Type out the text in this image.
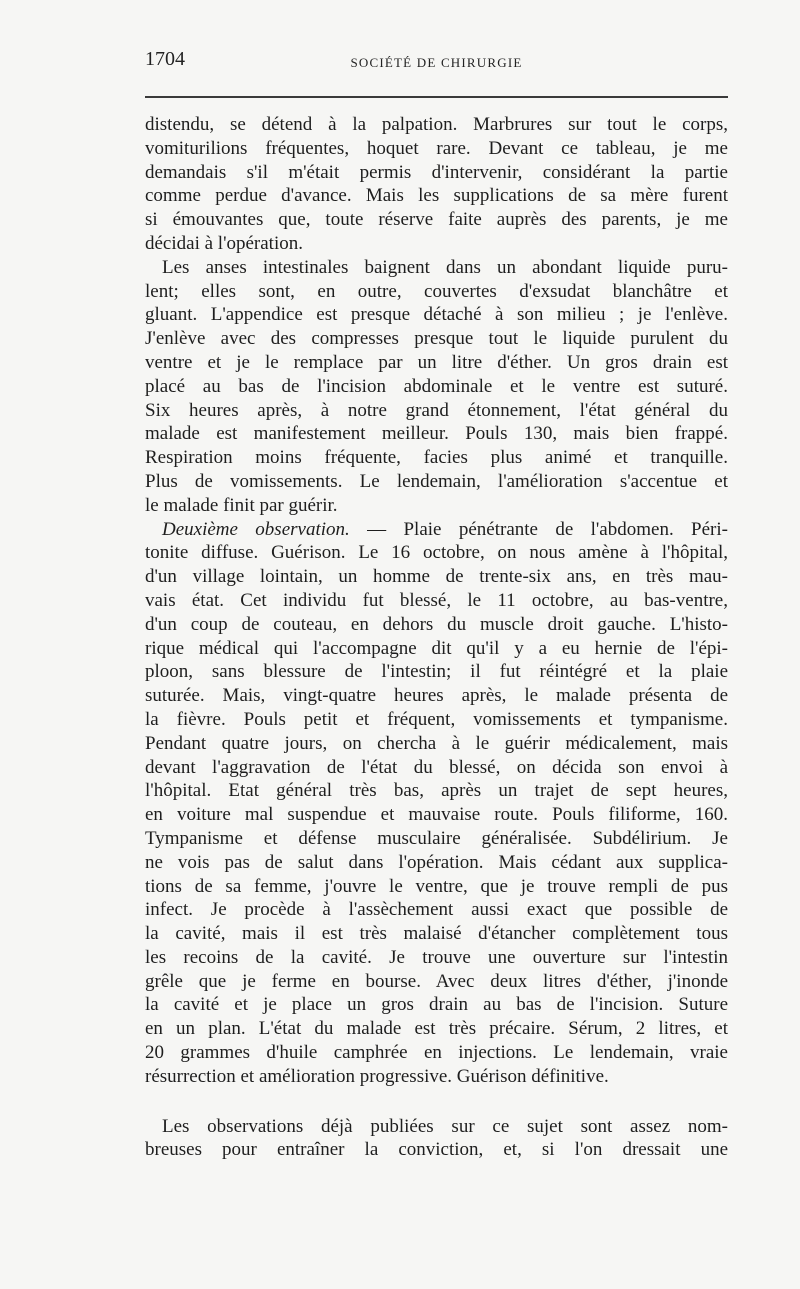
1704	SOCIÉTÉ DE CHIRURGIE
distendu, se détend à la palpation. Marbrures sur tout le corps,
vomiturilions fréquentes, hoquet rare. Devant ce tableau, je me
demandais s'il m'était permis d'intervenir, considérant la partie
comme perdue d'avance. Mais les supplications de sa mère furent
si émouvantes que, toute réserve faite auprès des parents, je me
décidai à l'opération.
Les anses intestinales baignent dans un abondant liquide puru-
lent; elles sont, en outre, couvertes d'exsudat blanchâtre et
gluant. L'appendice est presque détaché à son milieu ; je l'enlève.
J'enlève avec des compresses presque tout le liquide purulent du
ventre et je le remplace par un litre d'éther. Un gros drain est
placé au bas de l'incision abdominale et le ventre est suturé.
Six heures après, à notre grand étonnement, l'état général du
malade est manifestement meilleur. Pouls 130, mais bien frappé.
Respiration moins fréquente, facies plus animé et tranquille.
Plus de vomissements. Le lendemain, l'amélioration s'accentue et
le malade finit par guérir.
Deuxième observation. — Plaie pénétrante de l'abdomen. Péri-
tonite diffuse. Guérison. Le 16 octobre, on nous amène à l'hôpital,
d'un village lointain, un homme de trente-six ans, en très mau-
vais état. Cet individu fut blessé, le 11 octobre, au bas-ventre,
d'un coup de couteau, en dehors du muscle droit gauche. L'histo-
rique médical qui l'accompagne dit qu'il y a eu hernie de l'épi-
ploon, sans blessure de l'intestin; il fut réintégré et la plaie
suturée. Mais, vingt-quatre heures après, le malade présenta de
la fièvre. Pouls petit et fréquent, vomissements et tympanisme.
Pendant quatre jours, on chercha à le guérir médicalement, mais
devant l'aggravation de l'état du blessé, on décida son envoi à
l'hôpital. Etat général très bas, après un trajet de sept heures,
en voiture mal suspendue et mauvaise route. Pouls filiforme, 160.
Tympanisme et défense musculaire généralisée. Subdélirium. Je
ne vois pas de salut dans l'opération. Mais cédant aux supplica-
tions de sa femme, j'ouvre le ventre, que je trouve rempli de pus
infect. Je procède à l'assèchement aussi exact que possible de
la cavité, mais il est très malaisé d'étancher complètement tous
les recoins de la cavité. Je trouve une ouverture sur l'intestin
grêle que je ferme en bourse. Avec deux litres d'éther, j'inonde
la cavité et je place un gros drain au bas de l'incision. Suture
en un plan. L'état du malade est très précaire. Sérum, 2 litres, et
20 grammes d'huile camphrée en injections. Le lendemain, vraie
résurrection et amélioration progressive. Guérison définitive.
Les observations déjà publiées sur ce sujet sont assez nom-
breuses pour entraîner la conviction, et, si l'on dressait une
